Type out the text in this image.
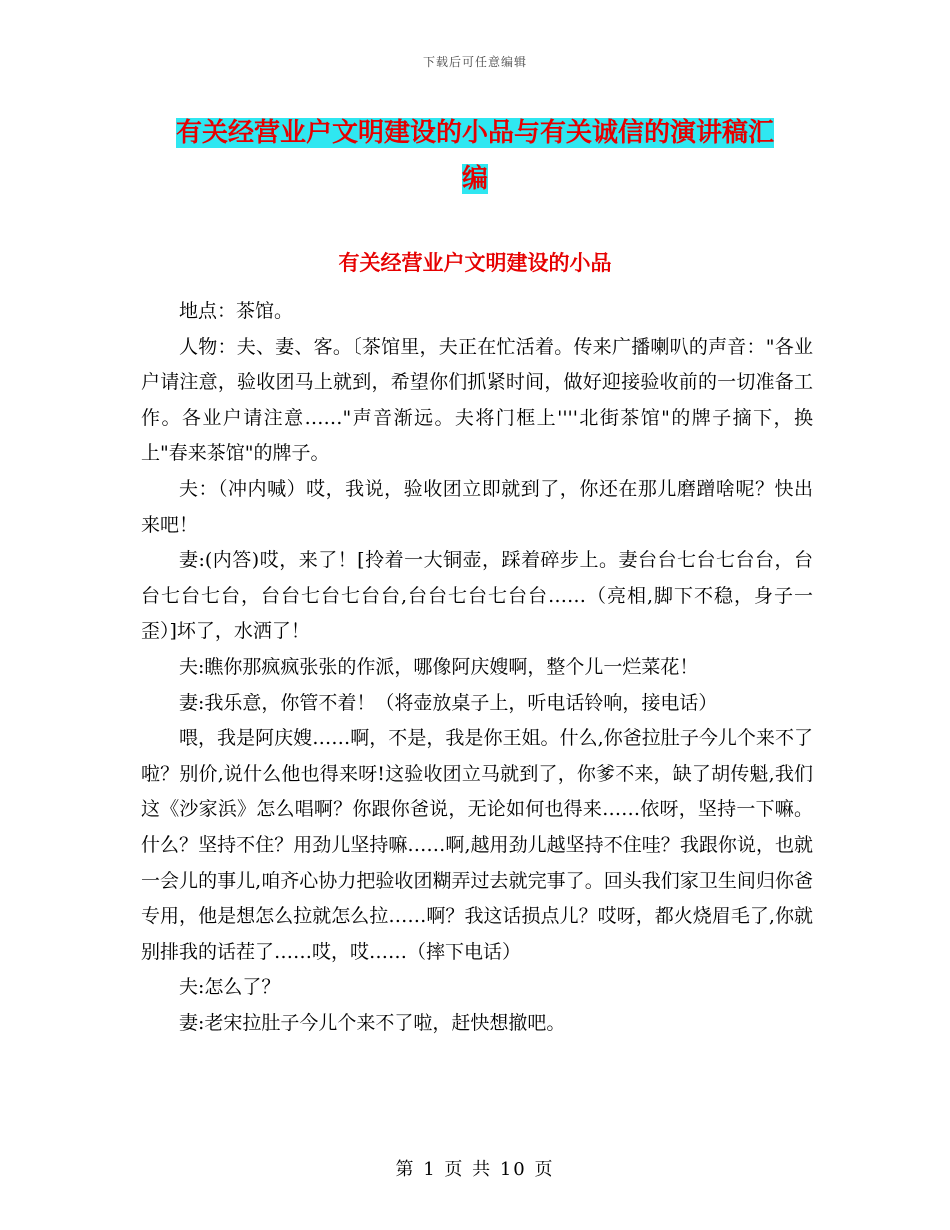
下载后可任意编辑
有关经营业户文明建设的小品与有关诚信的演讲稿汇
编
有关经营业户文明建设的小品

地点：茶馆。

人物：夫、妻、客。〔茶馆里，夫正在忙活着。传来广播喇叭的声音："各业户请注意，验收团马上就到，希望你们抓紧时间，做好迎接验收前的一切准备工作。各业户请注意……"声音渐远。夫将门框上''''北街茶馆"的牌子摘下，换上"春来茶馆"的牌子。

夫：（冲内喊）哎，我说，验收团立即就到了，你还在那儿磨蹭啥呢？快出来吧！

妻:(内答)哎，来了！[拎着一大铜壶，踩着碎步上。妻台台七台七台台，台台七台七台，台台七台七台台,台台七台七台台……（亮相,脚下不稳，身子一歪）]坏了，水洒了！

夫:瞧你那疯疯张张的作派，哪像阿庆嫂啊，整个儿一烂菜花！

妻:我乐意，你管不着！（将壶放桌子上，听电话铃响，接电话）

喂，我是阿庆嫂……啊，不是，我是你王姐。什么,你爸拉肚子今儿个来不了啦？别价,说什么他也得来呀!这验收团立马就到了，你爹不来，缺了胡传魁,我们这《沙家浜》怎么唱啊？你跟你爸说，无论如何也得来……依呀，坚持一下嘛。什么？坚持不住？用劲儿坚持嘛……啊,越用劲儿越坚持不住哇？我跟你说，也就一会儿的事儿,咱齐心协力把验收团糊弄过去就完事了。回头我们家卫生间归你爸专用，他是想怎么拉就怎么拉……啊？我这话损点儿？哎呀，都火烧眉毛了,你就别排我的话茬了……哎，哎……（摔下电话）

夫:怎么了？

妻:老宋拉肚子今儿个来不了啦，赶快想撤吧。

第 1 页 共 10 页
